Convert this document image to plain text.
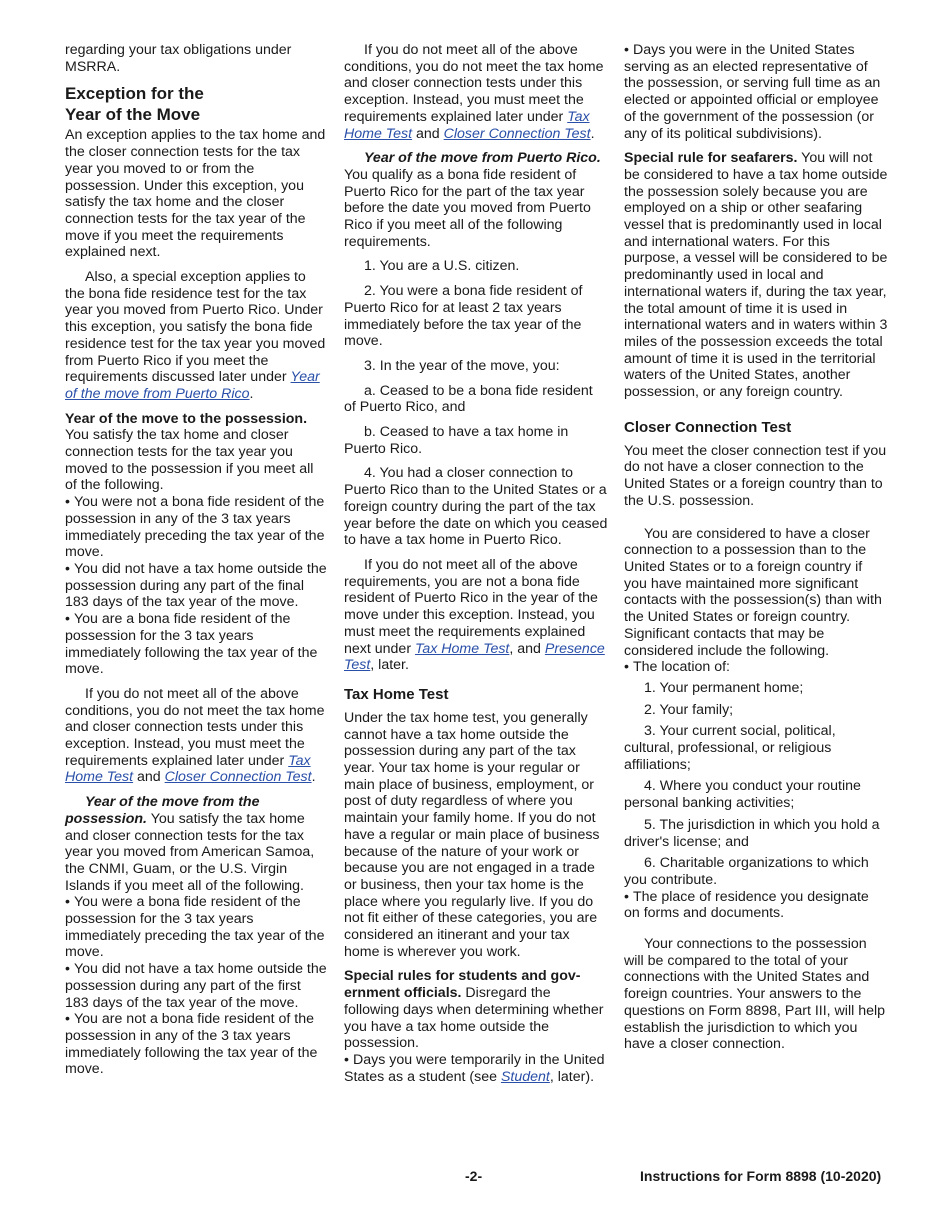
regarding your tax obligations under MSRRA.

Exception for the
Year of the Move

An exception applies to the tax home and the closer connection tests for the tax year you moved to or from the possession. Under this exception, you satisfy the tax home and the closer connection tests for the tax year of the move if you meet the requirements explained next.

Also, a special exception applies to the bona fide residence test for the tax year you moved from Puerto Rico. Under this exception, you satisfy the bona fide residence test for the tax year you moved from Puerto Rico if you meet the requirements discussed later under Year of the move from Puerto Rico.

Year of the move to the possession. You satisfy the tax home and closer connection tests for the tax year you moved to the possession if you meet all of the following.

• You were not a bona fide resident of the possession in any of the 3 tax years immediately preceding the tax year of the move.

• You did not have a tax home outside the possession during any part of the final 183 days of the tax year of the move.

• You are a bona fide resident of the possession for the 3 tax years immediately following the tax year of the move.

If you do not meet all of the above conditions, you do not meet the tax home and closer connection tests under this exception. Instead, you must meet the requirements explained later under Tax Home Test and Closer Connection Test.

Year of the move from the possession. You satisfy the tax home and closer connection tests for the tax year you moved from American Samoa, the CNMI, Guam, or the U.S. Virgin Islands if you meet all of the following.

• You were a bona fide resident of the possession for the 3 tax years immediately preceding the tax year of the move.

• You did not have a tax home outside the possession during any part of the first 183 days of the tax year of the move.

• You are not a bona fide resident of the possession in any of the 3 tax years immediately following the tax year of the move.

If you do not meet all of the above conditions, you do not meet the tax home and closer connection tests under this exception. Instead, you must meet the requirements explained later under Tax Home Test and Closer Connection Test.

Year of the move from Puerto Rico. You qualify as a bona fide resident of Puerto Rico for the part of the tax year before the date you moved from Puerto Rico if you meet all of the following requirements.

1. You are a U.S. citizen.

2. You were a bona fide resident of Puerto Rico for at least 2 tax years immediately before the tax year of the move.

3. In the year of the move, you:

a. Ceased to be a bona fide resident of Puerto Rico, and

b. Ceased to have a tax home in Puerto Rico.

4. You had a closer connection to Puerto Rico than to the United States or a foreign country during the part of the tax year before the date on which you ceased to have a tax home in Puerto Rico.

If you do not meet all of the above requirements, you are not a bona fide resident of Puerto Rico in the year of the move under this exception. Instead, you must meet the requirements explained next under Tax Home Test, and Presence Test, later.

Tax Home Test

Under the tax home test, you generally cannot have a tax home outside the possession during any part of the tax year. Your tax home is your regular or main place of business, employment, or post of duty regardless of where you maintain your family home. If you do not have a regular or main place of business because of the nature of your work or because you are not engaged in a trade or business, then your tax home is the place where you regularly live. If you do not fit either of these categories, you are considered an itinerant and your tax home is wherever you work.

Special rules for students and government officials. Disregard the following days when determining whether you have a tax home outside the possession.

• Days you were temporarily in the United States as a student (see Student, later).

• Days you were in the United States serving as an elected representative of the possession, or serving full time as an elected or appointed official or employee of the government of the possession (or any of its political subdivisions).

Special rule for seafarers. You will not be considered to have a tax home outside the possession solely because you are employed on a ship or other seafaring vessel that is predominantly used in local and international waters. For this purpose, a vessel will be considered to be predominantly used in local and international waters if, during the tax year, the total amount of time it is used in international waters and in waters within 3 miles of the possession exceeds the total amount of time it is used in the territorial waters of the United States, another possession, or any foreign country.

Closer Connection Test

You meet the closer connection test if you do not have a closer connection to the United States or a foreign country than to the U.S. possession.

You are considered to have a closer connection to a possession than to the United States or to a foreign country if you have maintained more significant contacts with the possession(s) than with the United States or foreign country. Significant contacts that may be considered include the following.

• The location of:

1. Your permanent home;

2. Your family;

3. Your current social, political, cultural, professional, or religious affiliations;

4. Where you conduct your routine personal banking activities;

5. The jurisdiction in which you hold a driver's license; and

6. Charitable organizations to which you contribute.

• The place of residence you designate on forms and documents.

Your connections to the possession will be compared to the total of your connections with the United States and foreign countries. Your answers to the questions on Form 8898, Part III, will help establish the jurisdiction to which you have a closer connection.

-2-	Instructions for Form 8898 (10-2020)
